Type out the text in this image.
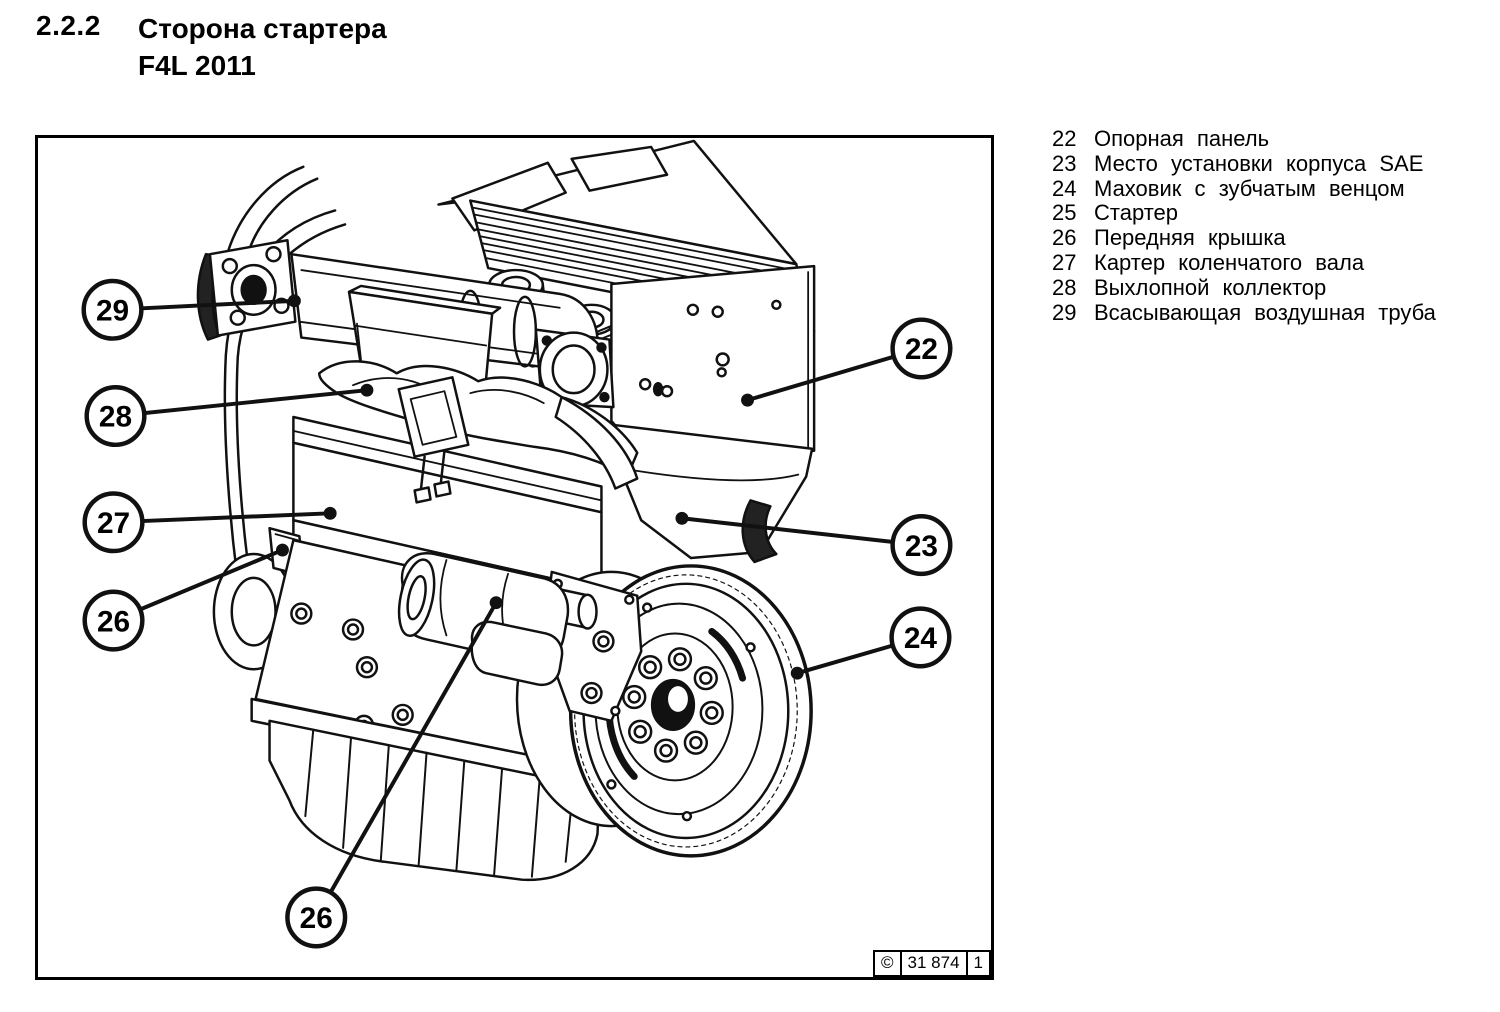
2.2.2 Сторона стартера
F4L 2011
29
28
27
26
26
22
23
24
© 31 874 1
22 Опорная панель
23 Место установки корпуса SAE
24 Маховик с зубчатым венцом
25 Стартер
26 Передняя крышка
27 Картер коленчатого вала
28 Выхлопной коллектор
29 Всасывающая воздушная труба
